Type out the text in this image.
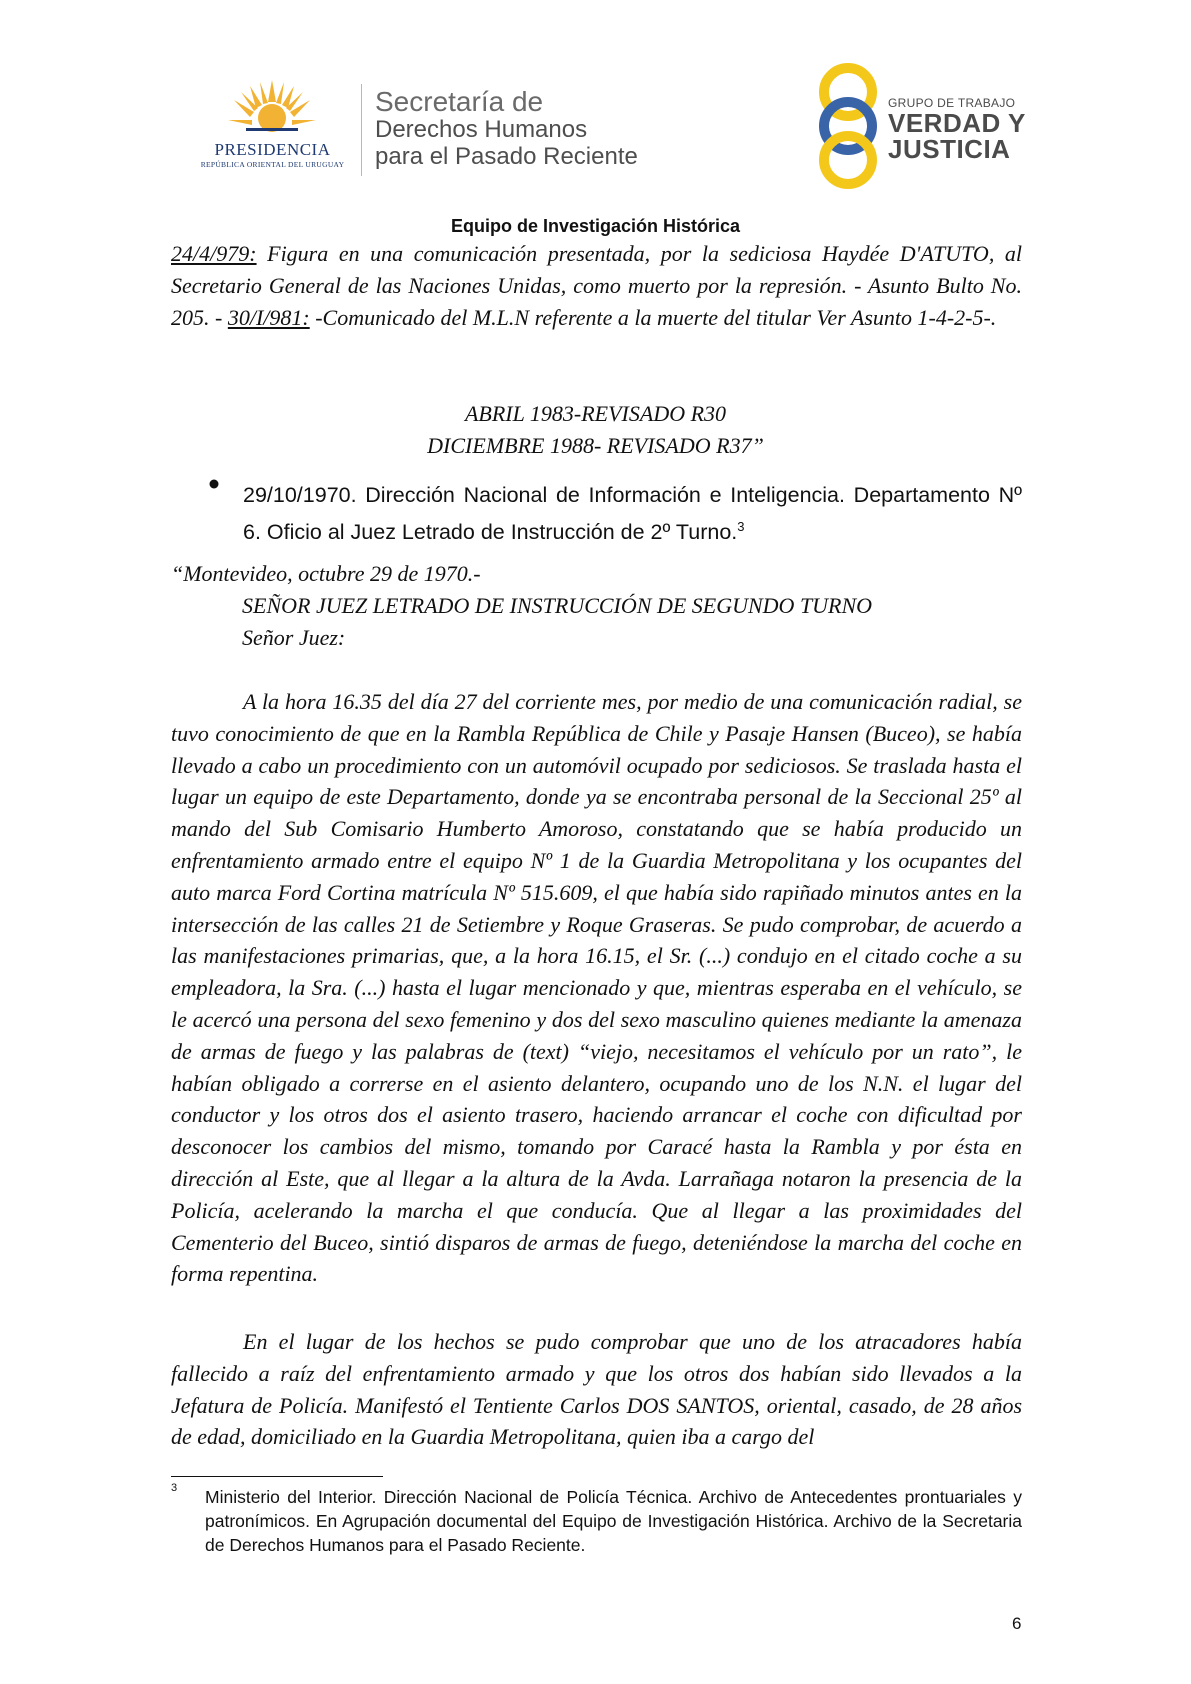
PRESIDENCIA
REPÚBLICA ORIENTAL DEL URUGUAY
Secretaría de
Derechos Humanos
para el Pasado Reciente
GRUPO DE TRABAJO
VERDAD Y
JUSTICIA
Equipo de Investigación Histórica

24/4/979: Figura en una comunicación presentada, por la sediciosa Haydée D'ATUTO, al Secretario General de las Naciones Unidas, como muerto por la represión. - Asunto Bulto No. 205. - 30/I/981: -Comunicado del M.L.N referente a la muerte del titular Ver Asunto 1-4-2-5-.

ABRIL 1983-REVISADO R30
DICIEMBRE 1988- REVISADO R37”
29/10/1970. Dirección Nacional de Información e Inteligencia. Departamento Nº 6. Oficio al Juez Letrado de Instrucción de 2º Turno.$^3$
“Montevideo, octubre 29 de 1970.-
SEÑOR JUEZ LETRADO DE INSTRUCCIÓN DE SEGUNDO TURNO
Señor Juez:

A la hora 16.35 del día 27 del corriente mes, por medio de una comunicación radial, se tuvo conocimiento de que en la Rambla República de Chile y Pasaje Hansen (Buceo), se había llevado a cabo un procedimiento con un automóvil ocupado por sediciosos. Se traslada hasta el lugar un equipo de este Departamento, donde ya se encontraba personal de la Seccional 25º al mando del Sub Comisario Humberto Amoroso, constatando que se había producido un enfrentamiento armado entre el equipo Nº 1 de la Guardia Metropolitana y los ocupantes del auto marca Ford Cortina matrícula Nº 515.609, el que había sido rapiñado minutos antes en la intersección de las calles 21 de Setiembre y Roque Graseras. Se pudo comprobar, de acuerdo a las manifestaciones primarias, que, a la hora 16.15, el Sr. (...) condujo en el citado coche a su empleadora, la Sra. (...) hasta el lugar mencionado y que, mientras esperaba en el vehículo, se le acercó una persona del sexo femenino y dos del sexo masculino quienes mediante la amenaza de armas de fuego y las palabras de (text) “viejo, necesitamos el vehículo por un rato”, le habían obligado a correrse en el asiento delantero, ocupando uno de los N.N. el lugar del conductor y los otros dos el asiento trasero, haciendo arrancar el coche con dificultad por desconocer los cambios del mismo, tomando por Caracé hasta la Rambla y por ésta en dirección al Este, que al llegar a la altura de la Avda. Larrañaga notaron la presencia de la Policía, acelerando la marcha el que conducía. Que al llegar a las proximidades del Cementerio del Buceo, sintió disparos de armas de fuego, deteniéndose la marcha del coche en forma repentina.

En el lugar de los hechos se pudo comprobar que uno de los atracadores había fallecido a raíz del enfrentamiento armado y que los otros dos habían sido llevados a la Jefatura de Policía. Manifestó el Tentiente Carlos DOS SANTOS, oriental, casado, de 28 años de edad, domiciliado en la Guardia Metropolitana, quien iba a cargo del

3 Ministerio del Interior. Dirección Nacional de Policía Técnica. Archivo de Antecedentes prontuariales y patronímicos. En Agrupación documental del Equipo de Investigación Histórica. Archivo de la Secretaria de Derechos Humanos para el Pasado Reciente.
6
